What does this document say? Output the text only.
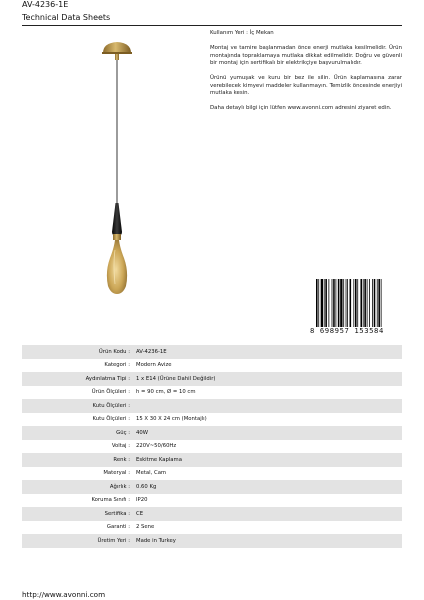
AV-4236-1E
Technical Data Sheets

Kullanım Yeri : İç Mekan

Montaj ve tamire başlanmadan önce enerji mutlaka kesilmelidir. Ürün montajında topraklamaya mutlaka dikkat edilmelidir. Doğru ve güvenli bir montaj için sertifikalı bir elektrikçiye başvurulmalıdır.

Ürünü yumuşak ve kuru bir bez ile silin. Ürün kaplamasına zarar verebilecek kimyevi maddeler kullanmayın. Temizlik öncesinde enerjiyi mutlaka kesin.

Daha detaylı bilgi için lütfen www.avonni.com adresini ziyaret edin.

8 698957 153584
Ürün Kodu :	AV-4236-1E
Kategori :	Modern Avize
Aydınlatma Tipi :	1 x E14 (Ürüne Dahil Değildir)
Ürün Ölçüleri :	h = 90 cm, Ø = 10 cm
Kutu Ölçüleri :
Kutu Ölçüleri :	15 X 30 X 24 cm (Montajlı)
Güç :	40W
Voltaj :	220V~50/60Hz
Renk :	Eskitme Kaplama
Materyal :	Metal, Cam
Ağırlık :	0.60 Kg
Koruma Sınıfı :	IP20
Sertifika :	CE
Garanti :	2 Sene
Üretim Yeri :	Made in Turkey
http://www.avonni.com
